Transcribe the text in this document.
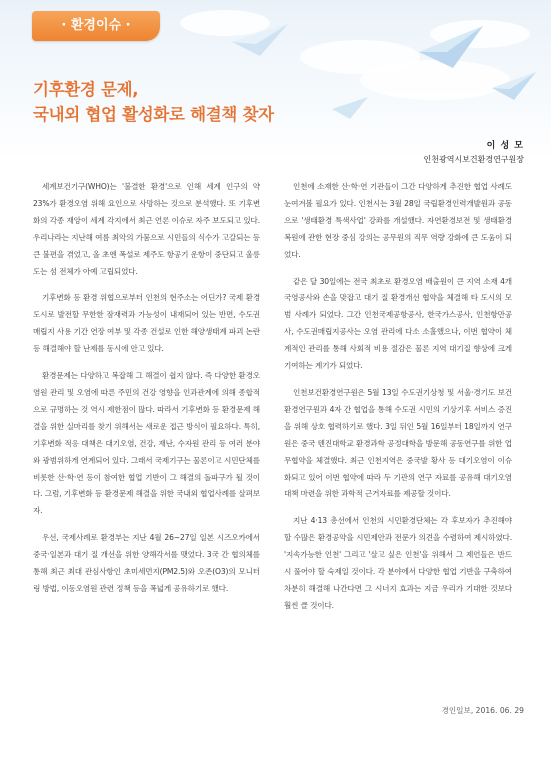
· 환경이슈 ·
기후환경 문제,
국내외 협업 활성화로 해결책 찾자
이 성 모
인천광역시보건환경연구원장

세계보건기구(WHO)는 '불결한 환경'으로 인해 세계 인구의 약 23%가 환경오염 위해 요인으로 사망하는 것으로 분석했다. 또 기후변화의 각종 재앙이 세계 각지에서 최근 언론 이슈로 자주 보도되고 있다. 우리나라는 지난해 여름 최악의 가뭄으로 시민들의 식수가 고갈되는 등 큰 불편을 겪었고, 올 초엔 폭설로 제주도 항공기 운항이 중단되고 울릉도는 섬 전체가 아예 고립되었다.

기후변화 등 환경 위협으로부터 인천의 현주소는 어딘가? 국제 환경도시로 발전할 무한한 잠재력과 가능성이 내재되어 있는 반면, 수도권매립지 사용 기간 연장 여부 및 각종 건설로 인한 해양생태계 파괴 논란 등 해결해야 할 난제를 동시에 안고 있다.

환경문제는 다양하고 복잡해 그 해결이 쉽지 않다. 즉 다양한 환경오염원 관리 및 오염에 따른 주민의 건강 영향을 인과관계에 의해 종합적으로 규명하는 것 역시 제한점이 많다. 따라서 기후변화 등 환경문제 해결을 위한 실마리를 찾기 위해서는 새로운 접근 방식이 필요하다. 특히, 기후변화 적응 대책은 대기오염, 건강, 재난, 수자원 관리 등 여러 분야와 광범위하게 연계되어 있다. 그래서 국제기구는 물론이고 시민단체를 비롯한 산·학·연 등이 참여한 협업 기반이 그 해결의 돌파구가 될 것이다. 그럼, 기후변화 등 환경문제 해결을 위한 국내외 협업사례를 살펴보자.

우선, 국제사례로 환경부는 지난 4월 26~27일 일본 시즈오카에서 중국·일본과 대기 질 개선을 위한 양해각서를 맺었다. 3국 간 협의체를 통해 최근 최대 관심사항인 초미세먼지(PM2.5)와 오존(O3)의 모니터링 방법, 이동오염원 관련 정책 등을 폭넓게 공유하기로 했다.

인천에 소재한 산·학·연 기관들이 그간 다양하게 추진한 협업 사례도 눈여겨볼 필요가 있다. 인천시는 3월 28일 국립환경인력개발원과 공동으로 '생태환경 특색사업' 강좌를 개설했다. 자연환경보전 및 생태환경 복원에 관한 현장 중심 강의는 공무원의 직무 역량 강화에 큰 도움이 되었다.

같은 달 30일에는 전국 최초로 환경오염 배출원이 큰 지역 소재 4개 국영공사와 손을 맞잡고 대기 질 환경개선 협약을 체결해 타 도시의 모범 사례가 되었다. 그간 인천국제공항공사, 한국가스공사, 인천항만공사, 수도권매립지공사는 오염 관리에 다소 소홀했으나, 이번 협약이 체계적인 관리를 통해 사회적 비용 절감은 물론 지역 대기질 향상에 크게 기여하는 계기가 되었다.

인천보건환경연구원은 5월 13일 수도권기상청 및 서울·경기도 보건환경연구원과 4자 간 협업을 통해 수도권 시민의 기상기후 서비스 증진을 위해 상호 협력하기로 했다. 3일 뒤인 5월 16일부터 18일까지 연구원은 중국 톈진대학교 환경과학 공정대학을 방문해 공동연구를 위한 업무협약을 체결했다. 최근 인천지역은 중국발 황사 등 대기오염이 이슈화되고 있어 이번 협약에 따라 두 기관의 연구 자료를 공유해 대기오염 대책 마련을 위한 과학적 근거자료를 제공할 것이다.

지난 4·13 총선에서 인천의 시민환경단체는 각 후보자가 추진해야 할 수많은 환경공약을 시민제안과 전문가 의견을 수렴하여 제시하였다. '지속가능한 인천' 그리고 '살고 싶은 인천'을 위해서 그 제언들은 반드시 풀어야 할 숙제일 것이다. 각 분야에서 다양한 협업 기반을 구축하여 차분히 해결해 나간다면 그 시너지 효과는 지금 우리가 기대한 것보다 훨씬 클 것이다.

경인일보, 2016. 06. 29
